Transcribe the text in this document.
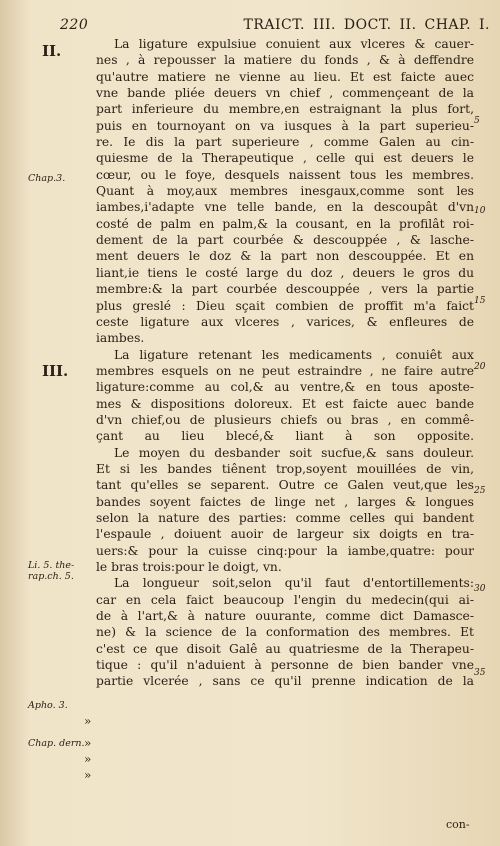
220	TRAICT. III. DOCT. II. CHAP. I.
La ligature expulsiue conuient aux vlceres & cauer-
nes , à repousser la matiere du fonds , & à deffendre
qu'autre matiere ne vienne au lieu. Et est faicte auec
vne bande pliée deuers vn chief , commençeant de la
part inferieure du membre,en estraignant la plus fort,
puis en tournoyant on va iusques à la part superieu-
re. Ie dis la part superieure , comme Galen au cin-
quiesme de la Therapeutique , celle qui est deuers le
cœur, ou le foye, desquels naissent tous les membres.
Quant à moy,aux membres inesgaux,comme sont les
iambes,i'adapte vne telle bande, en la descoupât d'vn
costé de palm en palm,& la cousant, en la profilât roi-
dement de la part courbée & descouppée , & lasche-
ment deuers le doz & la part non descouppée. Et en
liant,ie tiens le costé large du doz , deuers le gros du
membre:& la part courbée descouppée , vers la partie
plus greslé : Dieu sçait combien de proffit m'a faict
ceste ligature aux vlceres , varices, & enfleures de
iambes.
La ligature retenant les medicaments , conuiêt aux
membres esquels on ne peut estraindre , ne faire autre
ligature:comme au col,& au ventre,& en tous aposte-
mes & dispositions doloreux. Et est faicte auec bande
d'vn chief,ou de plusieurs chiefs ou bras , en commê-
çant au lieu blecé,& liant à son opposite.
Le moyen du desbander soit sucfue,& sans douleur.
Et si les bandes tiênent trop,soyent mouillées de vin,
tant qu'elles se separent. Outre ce Galen veut,que les
bandes soyent faictes de linge net , larges & longues
selon la nature des parties: comme celles qui bandent
l'espaule , doiuent auoir de largeur six doigts en tra-
uers:& pour la cuisse cinq:pour la iambe,quatre: pour
le bras trois:pour le doigt, vn.
La longueur soit,selon qu'il faut d'entortillements:
car en cela faict beaucoup l'engin du medecin(qui ai-
de à l'art,& à nature ouurante, comme dict Damasce-
ne) & la science de la conformation des membres. Et
c'est ce que disoit Galê au quatriesme de la Therapeu-
tique : qu'il n'aduient à personne de bien bander vne
partie vlcerée , sans ce qu'il prenne indication de la
con-
II.
III.
Chap.3.
Li. 5. the-rap.ch. 5.
Apho. 3.
Chap. dern.
5
10
15
20
25
30
35
»
»
»
»
